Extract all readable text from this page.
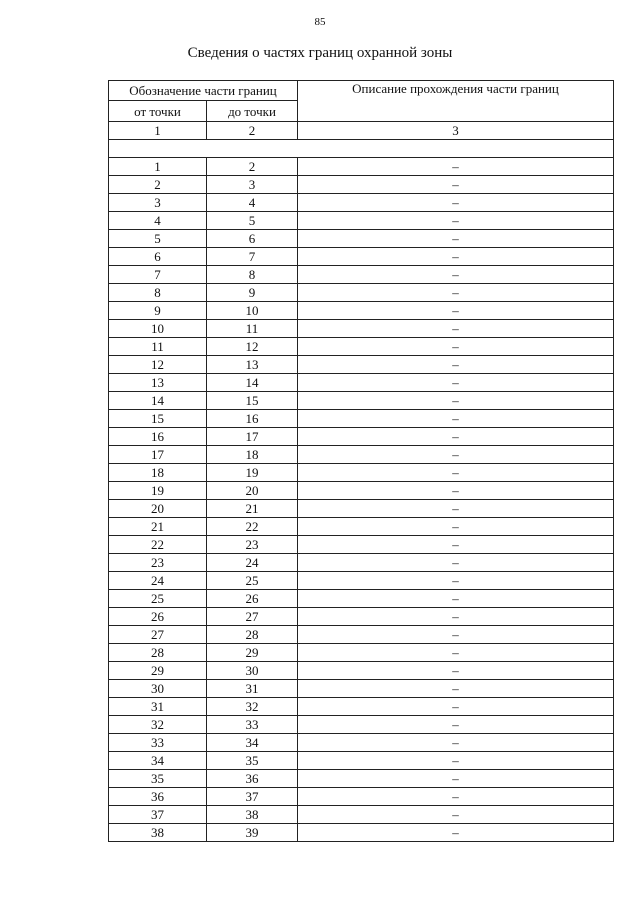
85
Сведения о частях границ охранной зоны
Обозначение части границ		Описание прохождения части границ
от точки	до точки	
1	2	3

1	2	–
2	3	–
3	4	–
4	5	–
5	6	–
6	7	–
7	8	–
8	9	–
9	10	–
10	11	–
11	12	–
12	13	–
13	14	–
14	15	–
15	16	–
16	17	–
17	18	–
18	19	–
19	20	–
20	21	–
21	22	–
22	23	–
23	24	–
24	25	–
25	26	–
26	27	–
27	28	–
28	29	–
29	30	–
30	31	–
31	32	–
32	33	–
33	34	–
34	35	–
35	36	–
36	37	–
37	38	–
38	39	–
